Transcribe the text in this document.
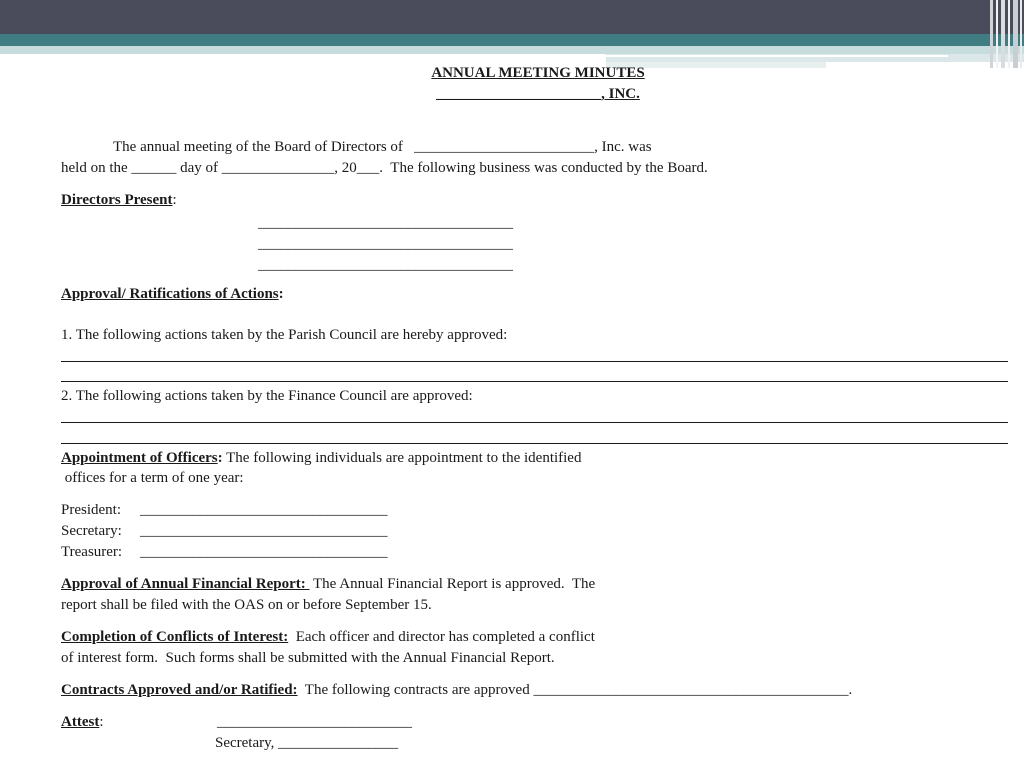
ANNUAL MEETING MINUTES
______________________, INC.
The annual meeting of the Board of Directors of   ________________________, Inc. was
held on the ______ day of _______________, 20___.  The following business was conducted by the Board.
Directors Present:
__________________________________
__________________________________
__________________________________
Approval/ Ratifications of Actions:
1. The following actions taken by the Parish Council are hereby approved:
2. The following actions taken by the Finance Council are approved:
Appointment of Officers: The following individuals are appointment to the identified
offices for a term of one year:
President: _________________________________
Secretary: _________________________________
Treasurer: _________________________________
Approval of Annual Financial Report:  The Annual Financial Report is approved.  The
report shall be filed with the OAS on or before September 15.
Completion of Conflicts of Interest:  Each officer and director has completed a conflict
of interest form.  Such forms shall be submitted with the Annual Financial Report.
Contracts Approved and/or Ratified:  The following contracts are approved __________________________________________.
Attest:	__________________________
Secretary, ________________
